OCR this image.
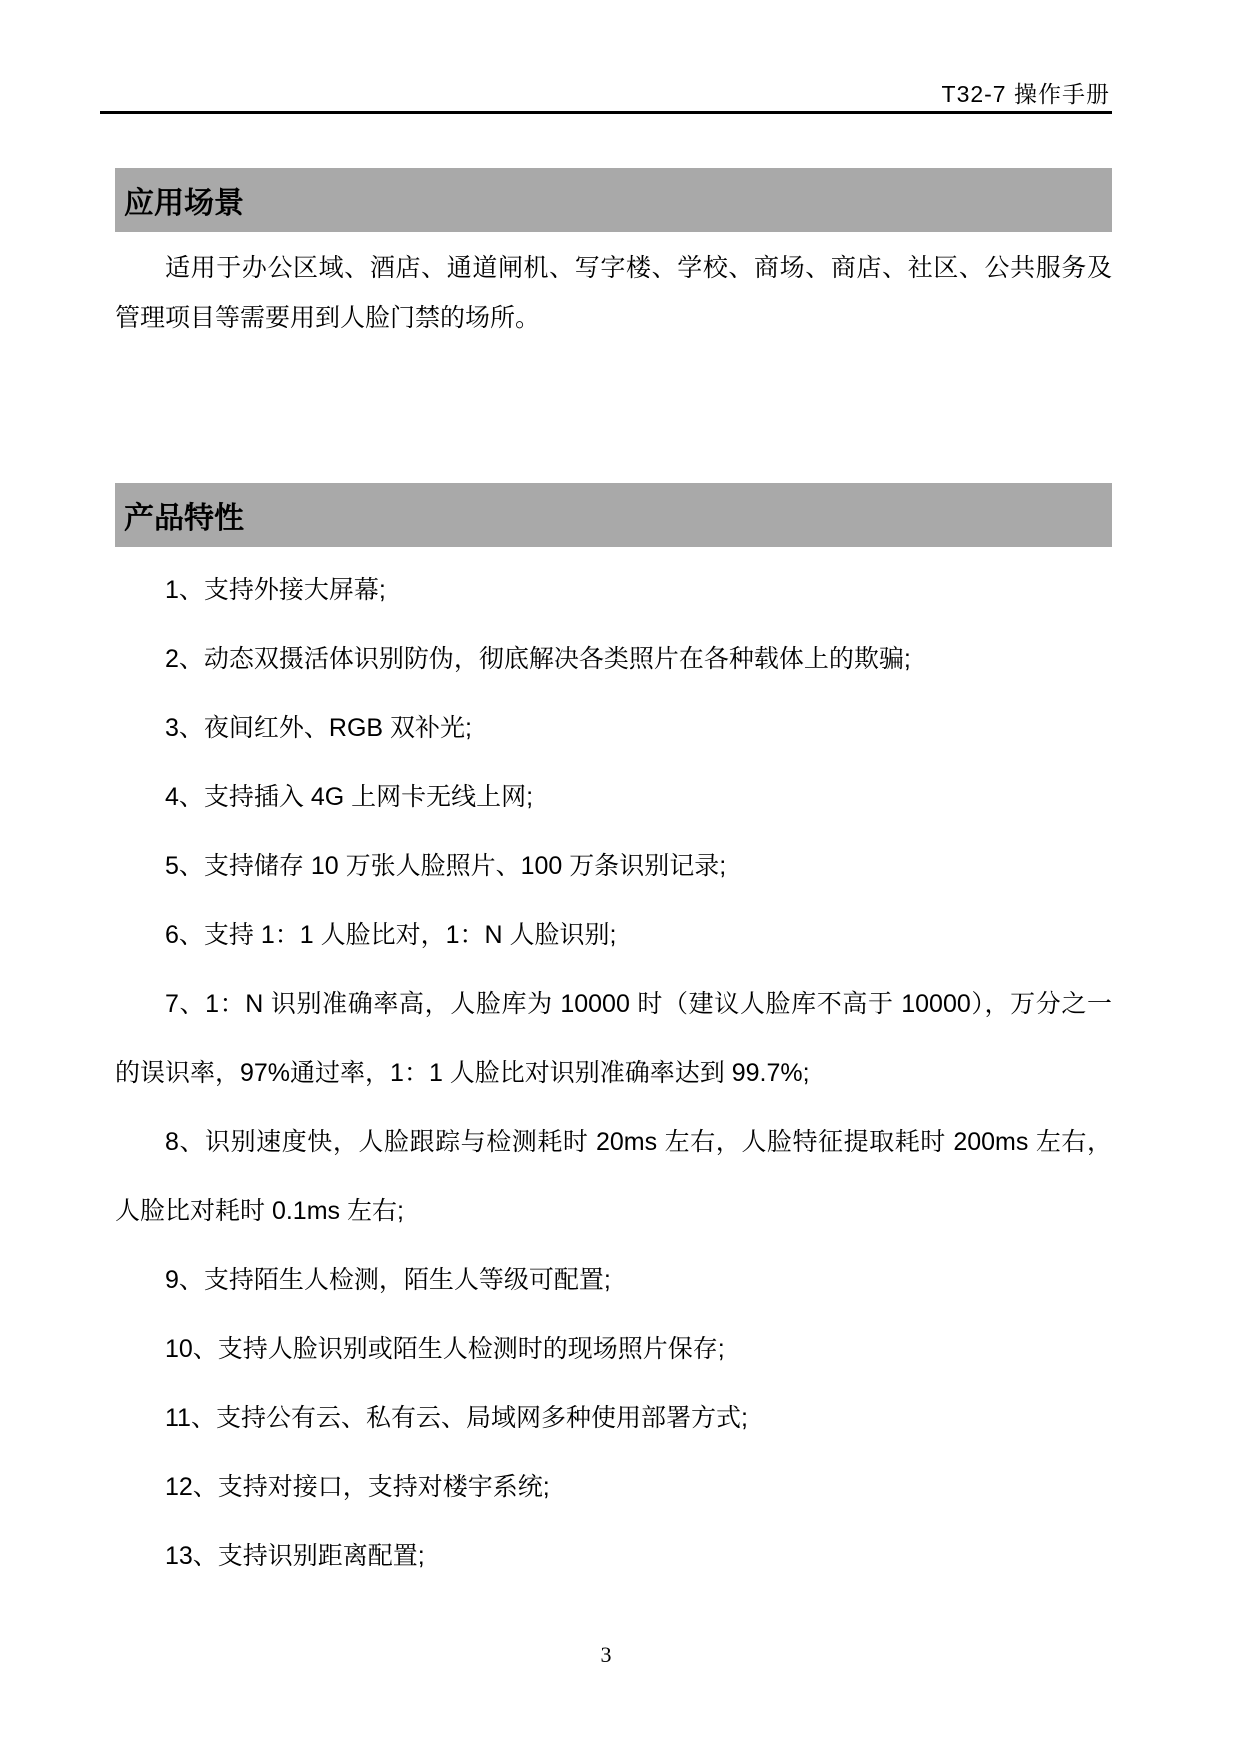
T32-7 操作手册
应用场景

适用于办公区域、酒店、通道闸机、写字楼、学校、商场、商店、社区、公共服务及管理项目等需要用到人脸门禁的场所。

产品特性

1、支持外接大屏幕;

2、动态双摄活体识别防伪，彻底解决各类照片在各种载体上的欺骗;

3、夜间红外、RGB 双补光;

4、支持插入 4G 上网卡无线上网;

5、支持储存 10 万张人脸照片、100 万条识别记录;

6、支持 1：1 人脸比对，1：N 人脸识别;

7、1：N 识别准确率高，人脸库为 10000 时（建议人脸库不高于 10000），万分之一的误识率，97%通过率，1：1 人脸比对识别准确率达到 99.7%;

8、识别速度快，人脸跟踪与检测耗时 20ms 左右，人脸特征提取耗时 200ms 左右，人脸比对耗时 0.1ms 左右;

9、支持陌生人检测，陌生人等级可配置;

10、支持人脸识别或陌生人检测时的现场照片保存;

11、支持公有云、私有云、局域网多种使用部署方式;

12、支持对接口，支持对楼宇系统;

13、支持识别距离配置;

3
